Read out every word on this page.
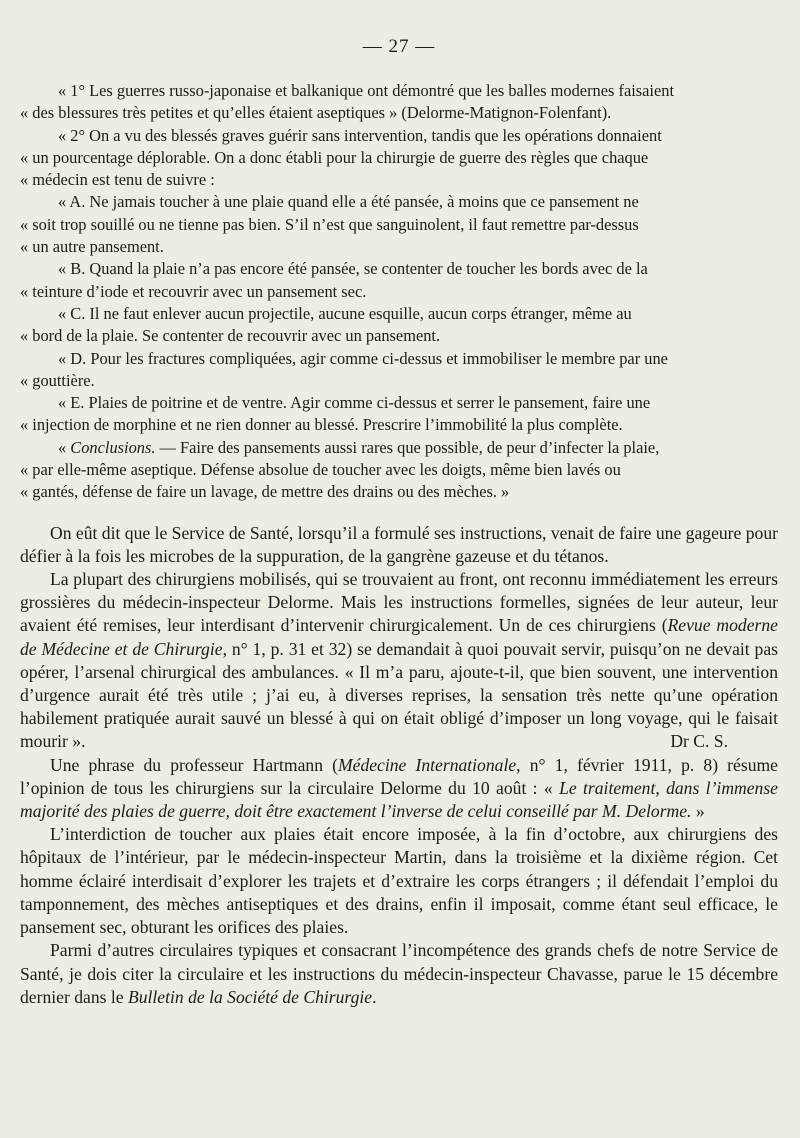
— 27 —

« 1° Les guerres russo-japonaise et balkanique ont démontré que les balles modernes faisaient

« des blessures très petites et qu’elles étaient aseptiques » (Delorme-Matignon-Folenfant).

« 2° On a vu des blessés graves guérir sans intervention, tandis que les opérations donnaient

« un pourcentage déplorable. On a donc établi pour la chirurgie de guerre des règles que chaque

« médecin est tenu de suivre :

« A. Ne jamais toucher à une plaie quand elle a été pansée, à moins que ce pansement ne

« soit trop souillé ou ne tienne pas bien. S’il n’est que sanguinolent, il faut remettre par-dessus

« un autre pansement.

« B. Quand la plaie n’a pas encore été pansée, se contenter de toucher les bords avec de la

« teinture d’iode et recouvrir avec un pansement sec.

« C. Il ne faut enlever aucun projectile, aucune esquille, aucun corps étranger, même au

« bord de la plaie. Se contenter de recouvrir avec un pansement.

« D. Pour les fractures compliquées, agir comme ci-dessus et immobiliser le membre par une

« gouttière.

« E. Plaies de poitrine et de ventre. Agir comme ci-dessus et serrer le pansement, faire une

« injection de morphine et ne rien donner au blessé. Prescrire l’immobilité la plus complète.

« Conclusions. — Faire des pansements aussi rares que possible, de peur d’infecter la plaie,

« par elle-même aseptique. Défense absolue de toucher avec les doigts, même bien lavés ou

« gantés, défense de faire un lavage, de mettre des drains ou des mèches. »

On eût dit que le Service de Santé, lorsqu’il a formulé ses instructions, venait de faire une gageure pour défier à la fois les microbes de la suppuration, de la gangrène gazeuse et du tétanos.

La plupart des chirurgiens mobilisés, qui se trouvaient au front, ont reconnu immédiatement les erreurs grossières du médecin-inspecteur Delorme. Mais les instructions formelles, signées de leur auteur, leur avaient été remises, leur interdisant d’intervenir chirurgicalement. Un de ces chirurgiens (Revue moderne de Médecine et de Chirurgie, n° 1, p. 31 et 32) se demandait à quoi pouvait servir, puisqu’on ne devait pas opérer, l’arsenal chirurgical des ambulances. « Il m’a paru, ajoute-t-il, que bien souvent, une intervention d’urgence aurait été très utile ; j’ai eu, à diverses reprises, la sensation très nette qu’une opération habilement pratiquée aurait sauvé un blessé à qui on était obligé d’imposer un long voyage, qui le faisait mourir ».	Dr C. S.

Une phrase du professeur Hartmann (Médecine Internationale, n° 1, février 1911, p. 8) résume l’opinion de tous les chirurgiens sur la circulaire Delorme du 10 août : « Le traitement, dans l’immense majorité des plaies de guerre, doit être exactement l’inverse de celui conseillé par M. Delorme. »

L’interdiction de toucher aux plaies était encore imposée, à la fin d’octobre, aux chirurgiens des hôpitaux de l’intérieur, par le médecin-inspecteur Martin, dans la troisième et la dixième région. Cet homme éclairé interdisait d’explorer les trajets et d’extraire les corps étrangers ; il défendait l’emploi du tamponnement, des mèches antiseptiques et des drains, enfin il imposait, comme étant seul efficace, le pansement sec, obturant les orifices des plaies.

Parmi d’autres circulaires typiques et consacrant l’incompétence des grands chefs de notre Service de Santé, je dois citer la circulaire et les instructions du médecin-inspecteur Chavasse, parue le 15 décembre dernier dans le Bulletin de la Société de Chirurgie.
